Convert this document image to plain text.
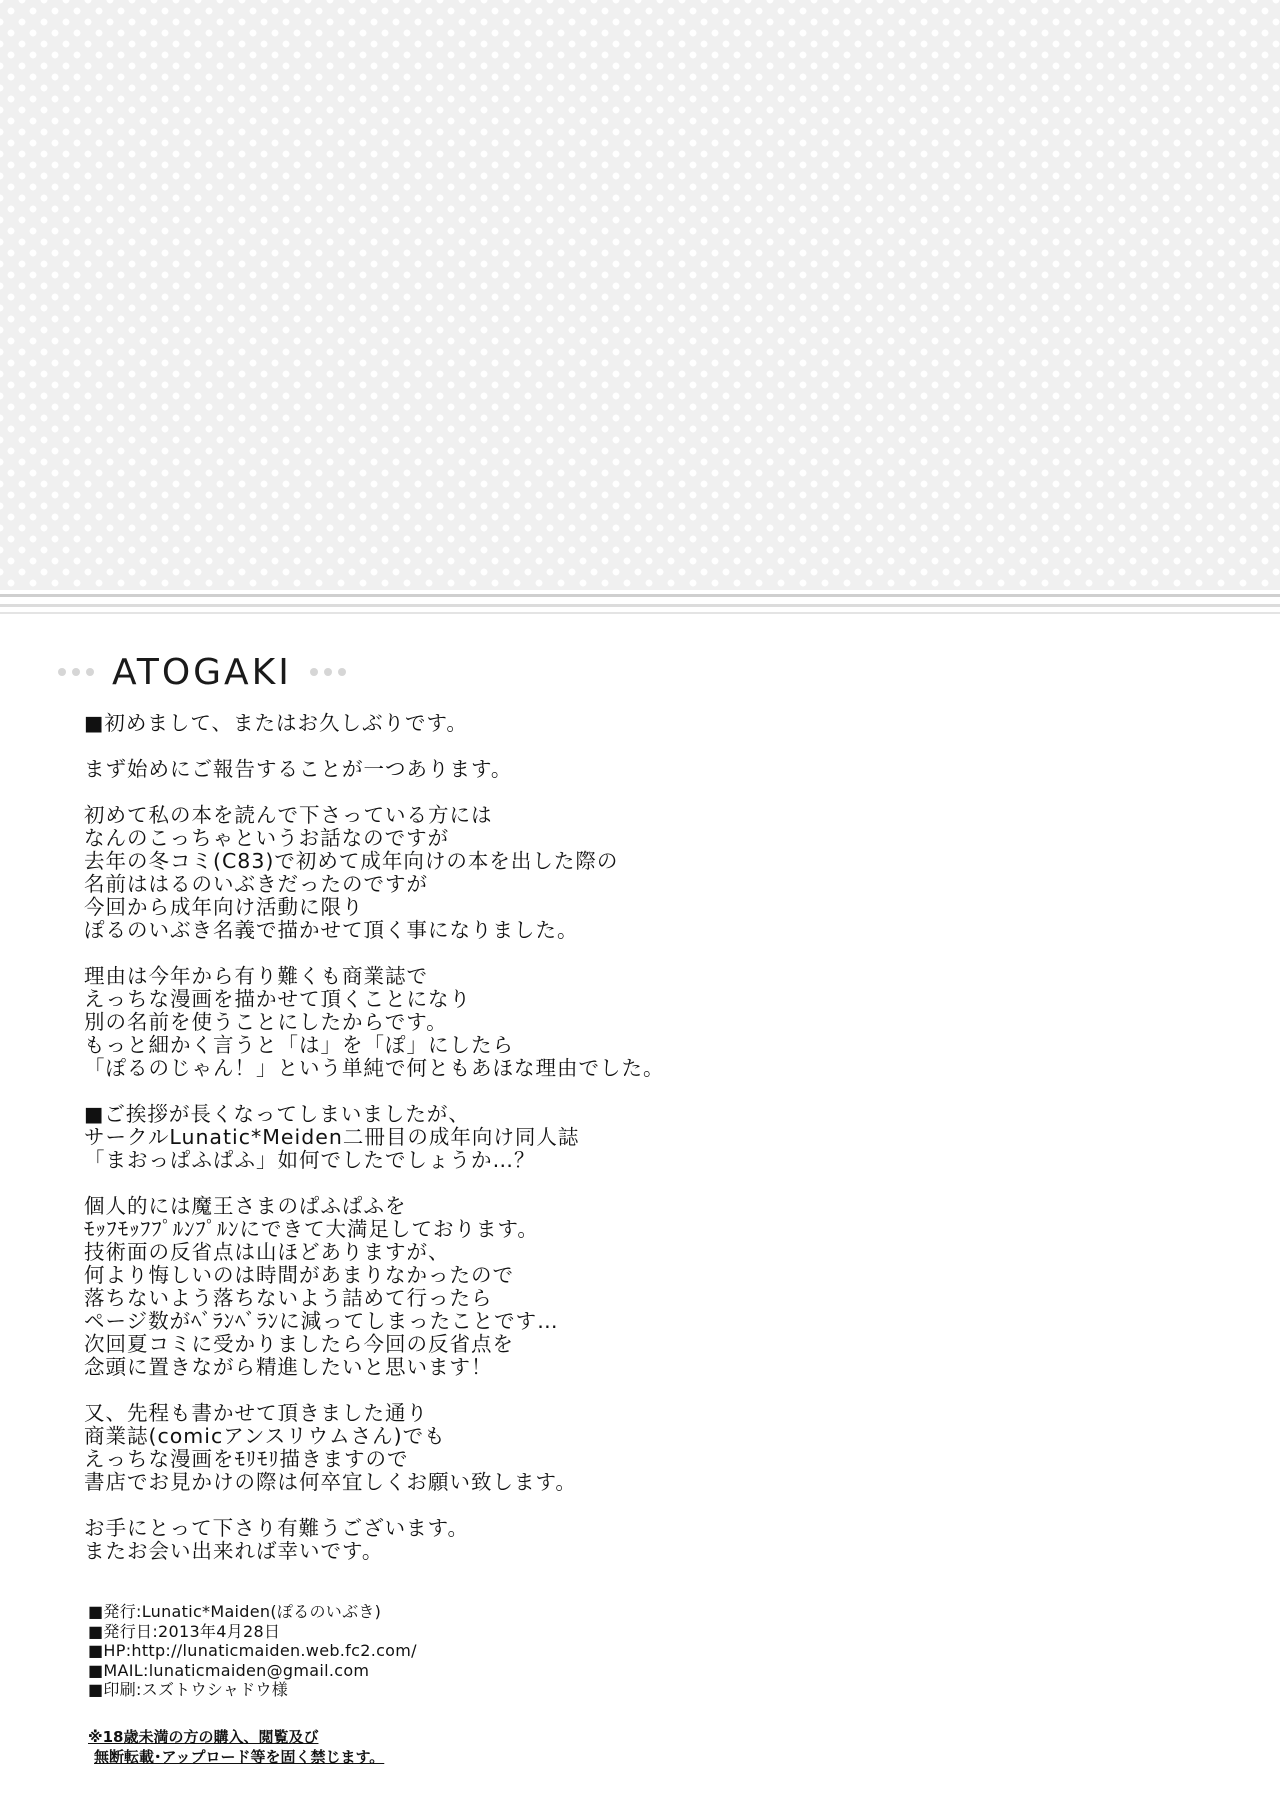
ATOGAKI
■初めまして、またはお久しぶりです。
まず始めにご報告することが一つあります。
初めて私の本を読んで下さっている方には
なんのこっちゃというお話なのですが
去年の冬コミ(C83)で初めて成年向けの本を出した際の
名前ははるのいぶきだったのですが
今回から成年向け活動に限り
ぽるのいぶき名義で描かせて頂く事になりました。
理由は今年から有り難くも商業誌で
えっちな漫画を描かせて頂くことになり
別の名前を使うことにしたからです。
もっと細かく言うと「は」を「ぽ」にしたら
「ぽるのじゃん！」という単純で何ともあほな理由でした。
■ご挨拶が長くなってしまいましたが、
サークルLunatic*Meiden二冊目の成年向け同人誌
「まおっぱふぱふ」如何でしたでしょうか…？
個人的には魔王さまのぱふぱふを
ﾓｯﾌﾓｯﾌﾌﾟﾙﾝﾌﾟﾙﾝにできて大満足しております。
技術面の反省点は山ほどありますが、
何より悔しいのは時間があまりなかったので
落ちないよう落ちないよう詰めて行ったら
ページ数がﾍﾞﾗﾝﾍﾞﾗﾝに減ってしまったことです…
次回夏コミに受かりましたら今回の反省点を
念頭に置きながら精進したいと思います！
又、先程も書かせて頂きました通り
商業誌(comicアンスリウムさん)でも
えっちな漫画をﾓﾘﾓﾘ描きますので
書店でお見かけの際は何卒宜しくお願い致します。
お手にとって下さり有難うございます。
またお会い出来れば幸いです。
■発行:Lunatic*Maiden(ぽるのいぶき)
■発行日:2013年4月28日
■HP:http://lunaticmaiden.web.fc2.com/
■MAIL:lunaticmaiden@gmail.com
■印刷:スズトウシャドウ様
※18歳未満の方の購入、閲覧及び
無断転載･アップロード等を固く禁じます。
